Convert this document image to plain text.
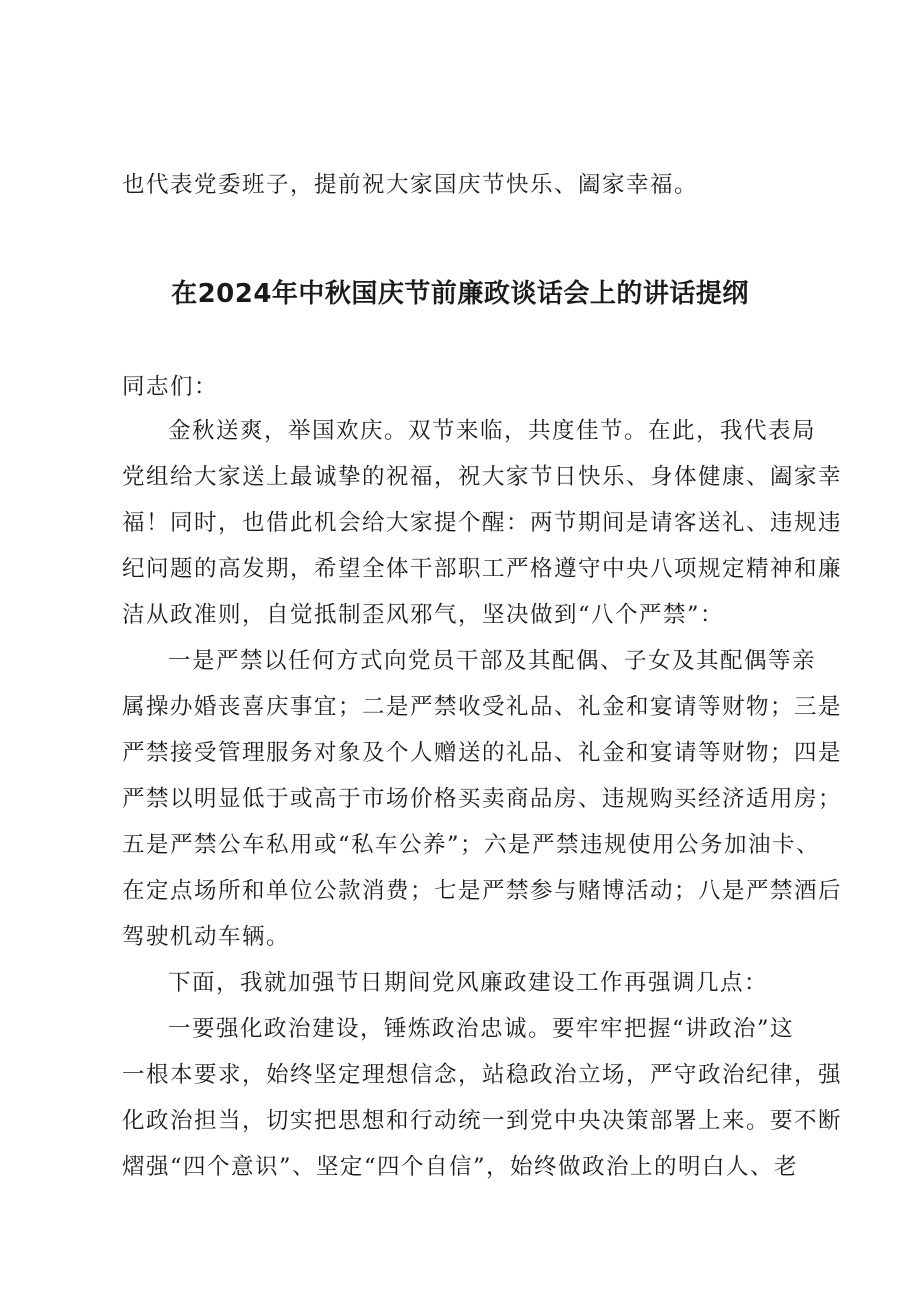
也代表党委班子，提前祝大家国庆节快乐、阖家幸福。

在2024年中秋国庆节前廉政谈话会上的讲话提纲

同志们：

金秋送爽，举国欢庆。双节来临，共度佳节。在此，我代表局

党组给大家送上最诚挚的祝福，祝大家节日快乐、身体健康、阖家幸

福！同时，也借此机会给大家提个醒：两节期间是请客送礼、违规违

纪问题的高发期，希望全体干部职工严格遵守中央八项规定精神和廉

洁从政准则，自觉抵制歪风邪气，坚决做到“八个严禁”：

一是严禁以任何方式向党员干部及其配偶、子女及其配偶等亲

属操办婚丧喜庆事宜；二是严禁收受礼品、礼金和宴请等财物；三是

严禁接受管理服务对象及个人赠送的礼品、礼金和宴请等财物；四是

严禁以明显低于或高于市场价格买卖商品房、违规购买经济适用房；

五是严禁公车私用或“私车公养”；六是严禁违规使用公务加油卡、

在定点场所和单位公款消费；七是严禁参与赌博活动；八是严禁酒后

驾驶机动车辆。

下面，我就加强节日期间党风廉政建设工作再强调几点：

一要强化政治建设，锤炼政治忠诚。要牢牢把握“讲政治”这

一根本要求，始终坚定理想信念，站稳政治立场，严守政治纪律，强

化政治担当，切实把思想和行动统一到党中央决策部署上来。要不断

熠强“四个意识”、坚定“四个自信”，始终做政治上的明白人、老
